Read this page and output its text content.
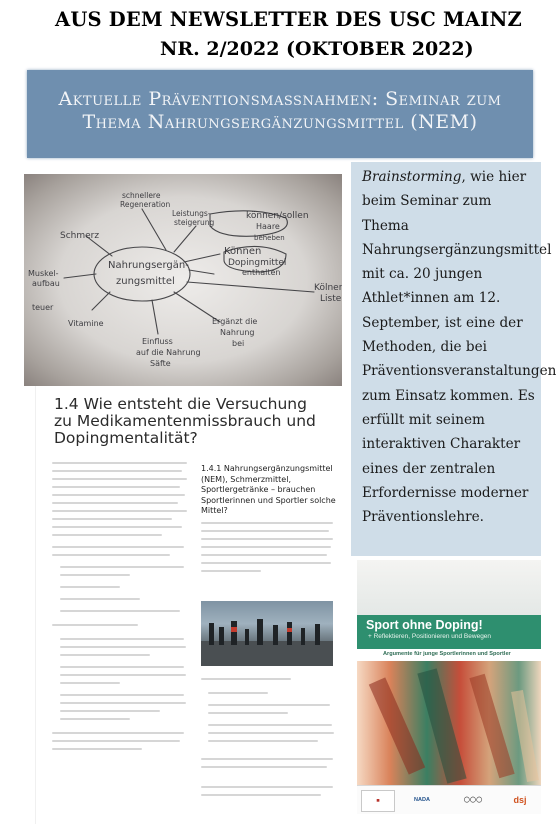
AUS DEM NEWSLETTER DES USC MAINZ
NR. 2/2022 (OKTOBER 2022)
Aktuelle Präventionsmassnahmen: Seminar zum
Thema Nahrungsergänzungsmittel (NEM)
schnellere
Regeneration
Leistungs-
steigerung
können/sollen
Haare
beheben
Schmerz
Können
Dopingmittel
enthalten
Kölner
Liste
Nahrungsergän-
zungsmittel
Muskel-
aufbau
teuer
Vitamine
Einfluss
auf die Nahrung
Säfte
Ergänzt die
Nahrung
bei
1.4 Wie entsteht die Versuchung zu Medikamentenmissbrauch und Dopingmentalität?
1.4.1 Nahrungsergänzungsmittel (NEM), Schmerzmittel, Sportlergetränke – brauchen Sportlerinnen und Sportler solche Mittel?
Brainstorming, wie hier beim Seminar zum Thema Nahrungsergänzungsmittel mit ca. 20 jungen Athlet*innen am 12. September, ist eine der Methoden, die bei Präventionsveranstaltungen zum Einsatz kommen. Es erfüllt mit seinem interaktiven Charakter eines der zentralen Erfordernisse moderner Präventionslehre.
Sport ohne Doping!
+ Reflektieren, Positionieren und Bewegen
Argumente für junge Sportlerinnen und Sportler
■	NADA	◯◯◯	dsj
